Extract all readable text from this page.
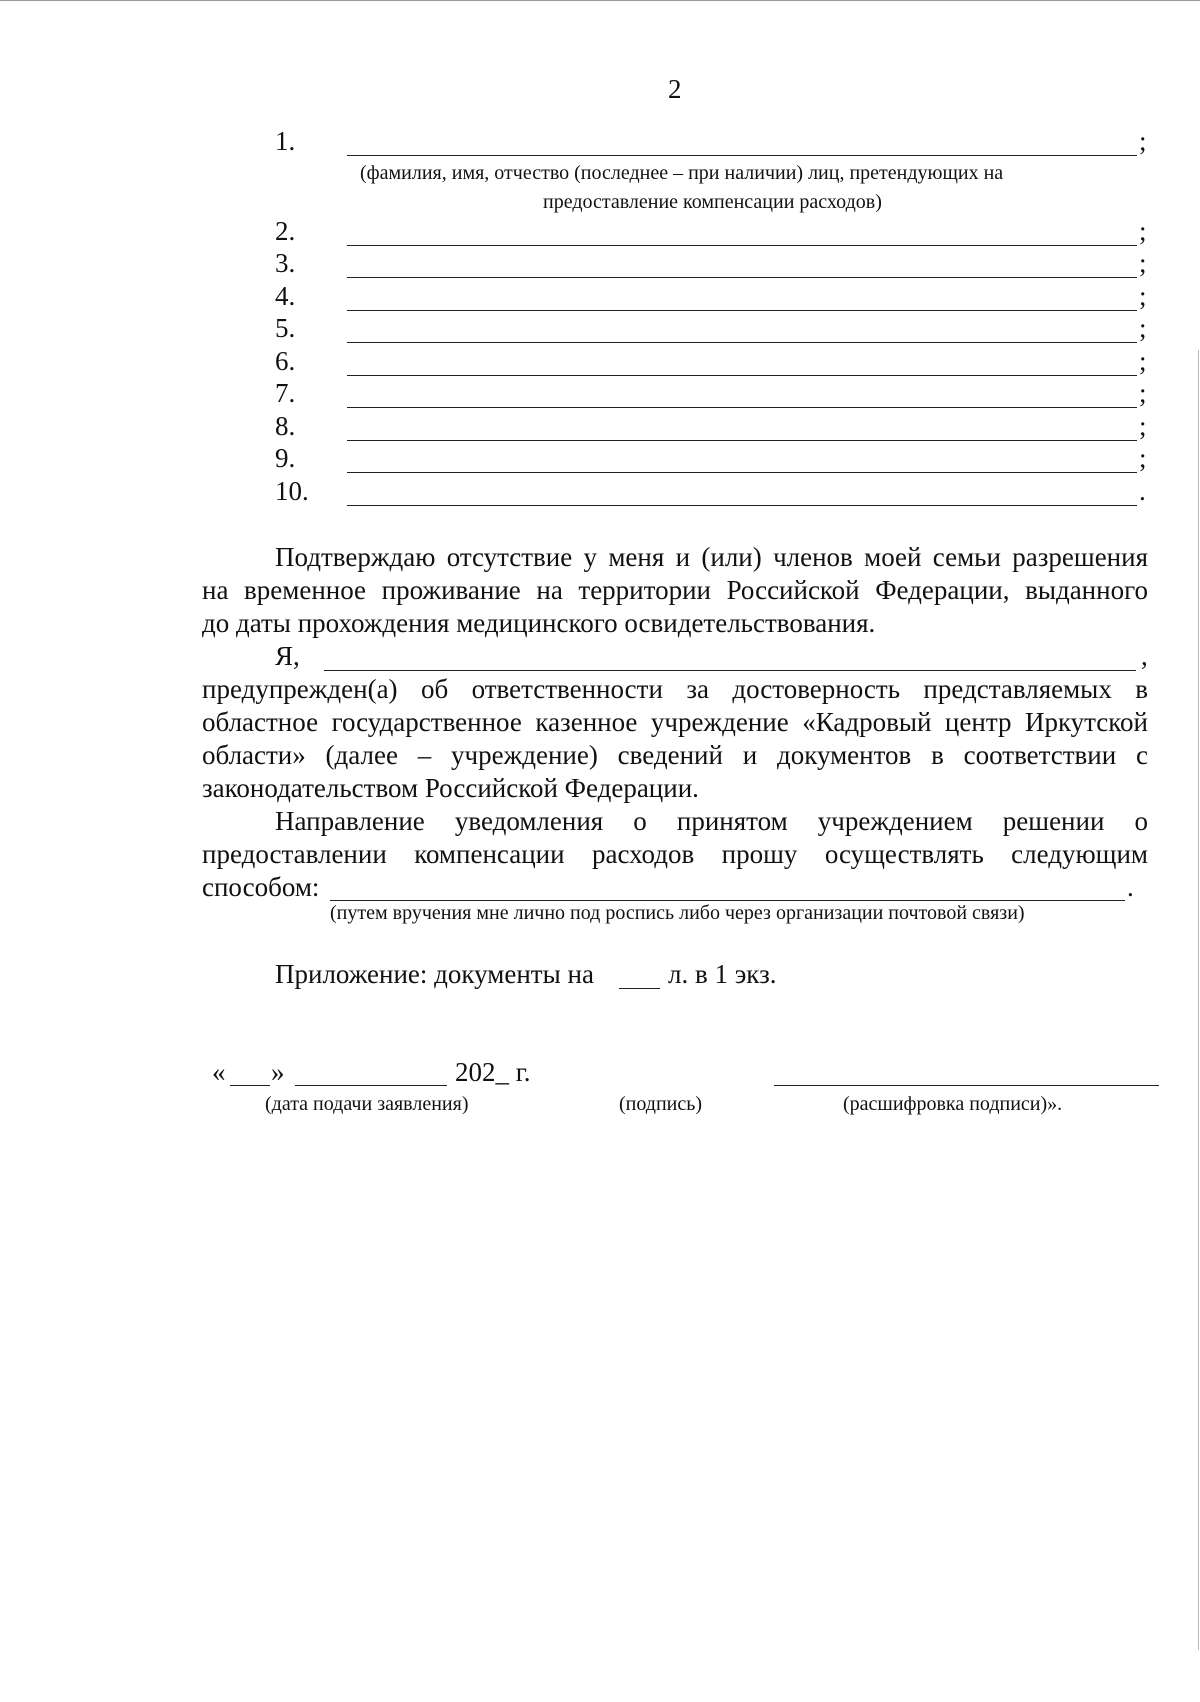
2
1.	;
(фамилия, имя, отчество (последнее – при наличии) лиц, претендующих на
предоставление компенсации расходов)
2.	;
3.	;
4.	;
5.	;
6.	;
7.	;
8.	;
9.	;
10.	.
Подтверждаю отсутствие у меня и (или) членов моей семьи разрешения
на временное проживание на территории Российской Федерации, выданного
до даты прохождения медицинского освидетельствования.
Я,	,
предупрежден(а) об ответственности за достоверность представляемых в
областное государственное казенное учреждение «Кадровый центр Иркутской
области» (далее – учреждение) сведений и документов в соответствии с
законодательством Российской Федерации.
Направление уведомления о принятом учреждением решении о
предоставлении компенсации расходов прошу осуществлять следующим
способом:	.
(путем вручения мне лично под роспись либо через организации почтовой связи)
Приложение: документы на	л. в 1 экз.
« »	202_ г.
(дата подачи заявления)	(подпись)	(расшифровка подписи)».
